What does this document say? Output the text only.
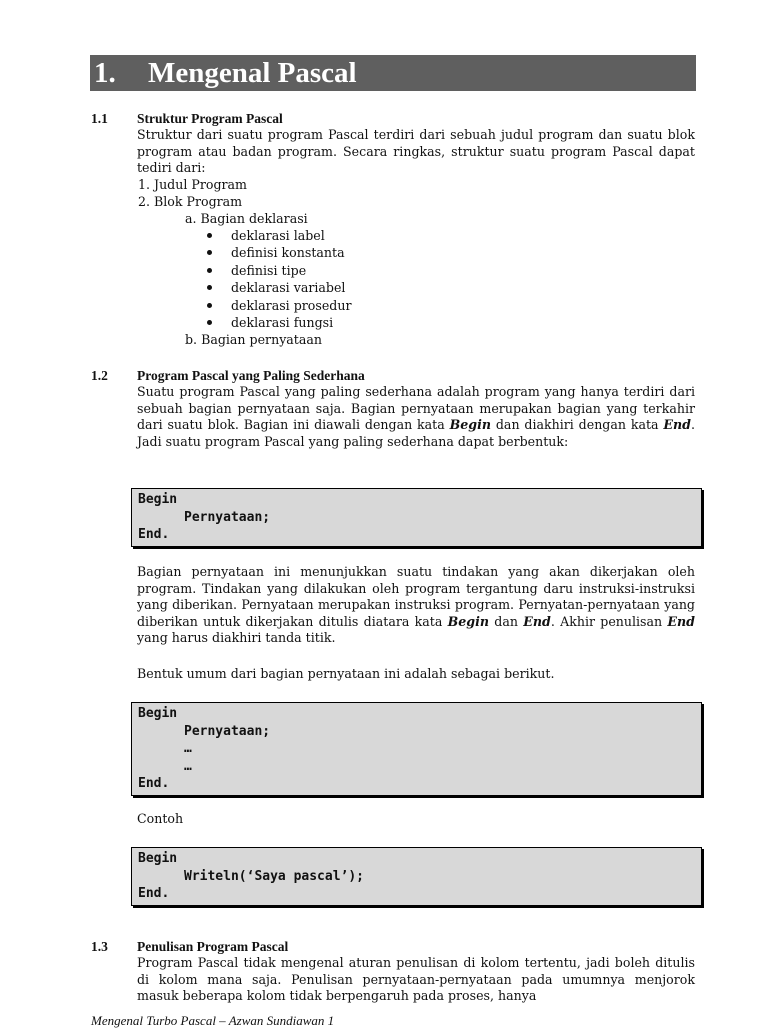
1. Mengenal Pascal
1.1 Struktur Program Pascal

Struktur dari suatu program Pascal terdiri dari sebuah judul program dan suatu blok program atau badan program. Secara ringkas, struktur suatu program Pascal dapat tediri dari:

1. Judul Program
2. Blok Program
a. Bagian deklarasi
deklarasi label
definisi konstanta
definisi tipe
deklarasi variabel
deklarasi prosedur
deklarasi fungsi
b. Bagian pernyataan
1.2 Program Pascal yang Paling Sederhana

Suatu program Pascal yang paling sederhana adalah program yang hanya terdiri dari sebuah bagian pernyataan saja. Bagian pernyataan merupakan bagian yang terkahir dari suatu blok. Bagian ini diawali dengan kata Begin dan diakhiri dengan kata End. Jadi suatu program Pascal yang paling sederhana dapat berbentuk:

Begin
Pernyataan;
End.

Bagian pernyataan ini menunjukkan suatu tindakan yang akan dikerjakan oleh program. Tindakan yang dilakukan oleh program tergantung daru instruksi-instruksi yang diberikan. Pernyataan merupakan instruksi program. Pernyatan-pernyataan yang diberikan untuk dikerjakan ditulis diatara kata Begin dan End. Akhir penulisan End yang harus diakhiri tanda titik.

Bentuk umum dari bagian pernyataan ini adalah sebagai berikut.
Begin
Pernyataan;
…
…
End.
Contoh
Begin
Writeln(‘Saya pascal’);
End.
1.3 Penulisan Program Pascal

Program Pascal tidak mengenal aturan penulisan di kolom tertentu, jadi boleh ditulis di kolom mana saja. Penulisan pernyataan-pernyataan pada umumnya menjorok masuk beberapa kolom tidak berpengaruh pada proses, hanya

Mengenal Turbo Pascal – Azwan Sundiawan 1
